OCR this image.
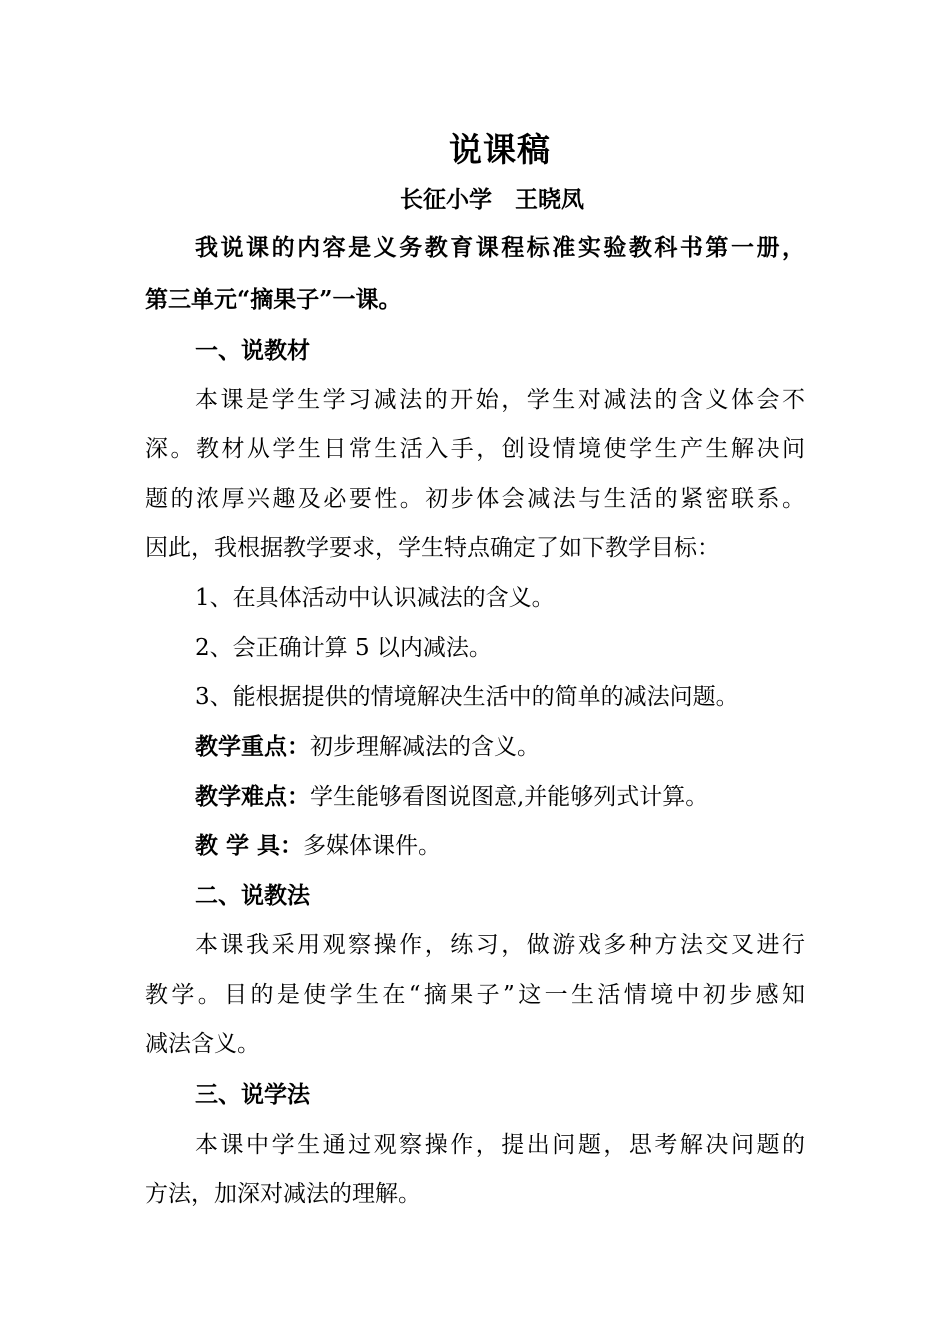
说课稿
长征小学　王晓凤
我说课的内容是义务教育课程标准实验教科书第一册，
第三单元“摘果子”一课。
一、说教材
本课是学生学习减法的开始，学生对减法的含义体会不
深。教材从学生日常生活入手，创设情境使学生产生解决问
题的浓厚兴趣及必要性。初步体会减法与生活的紧密联系。
因此，我根据教学要求，学生特点确定了如下教学目标：
1、在具体活动中认识减法的含义。
2、会正确计算 5 以内减法。
3、能根据提供的情境解决生活中的简单的减法问题。
教学重点：初步理解减法的含义。
教学难点：学生能够看图说图意,并能够列式计算。
教 学 具：多媒体课件。
二、说教法
本课我采用观察操作，练习，做游戏多种方法交叉进行
教学。目的是使学生在“摘果子”这一生活情境中初步感知
减法含义。
三、说学法
本课中学生通过观察操作，提出问题，思考解决问题的
方法，加深对减法的理解。
